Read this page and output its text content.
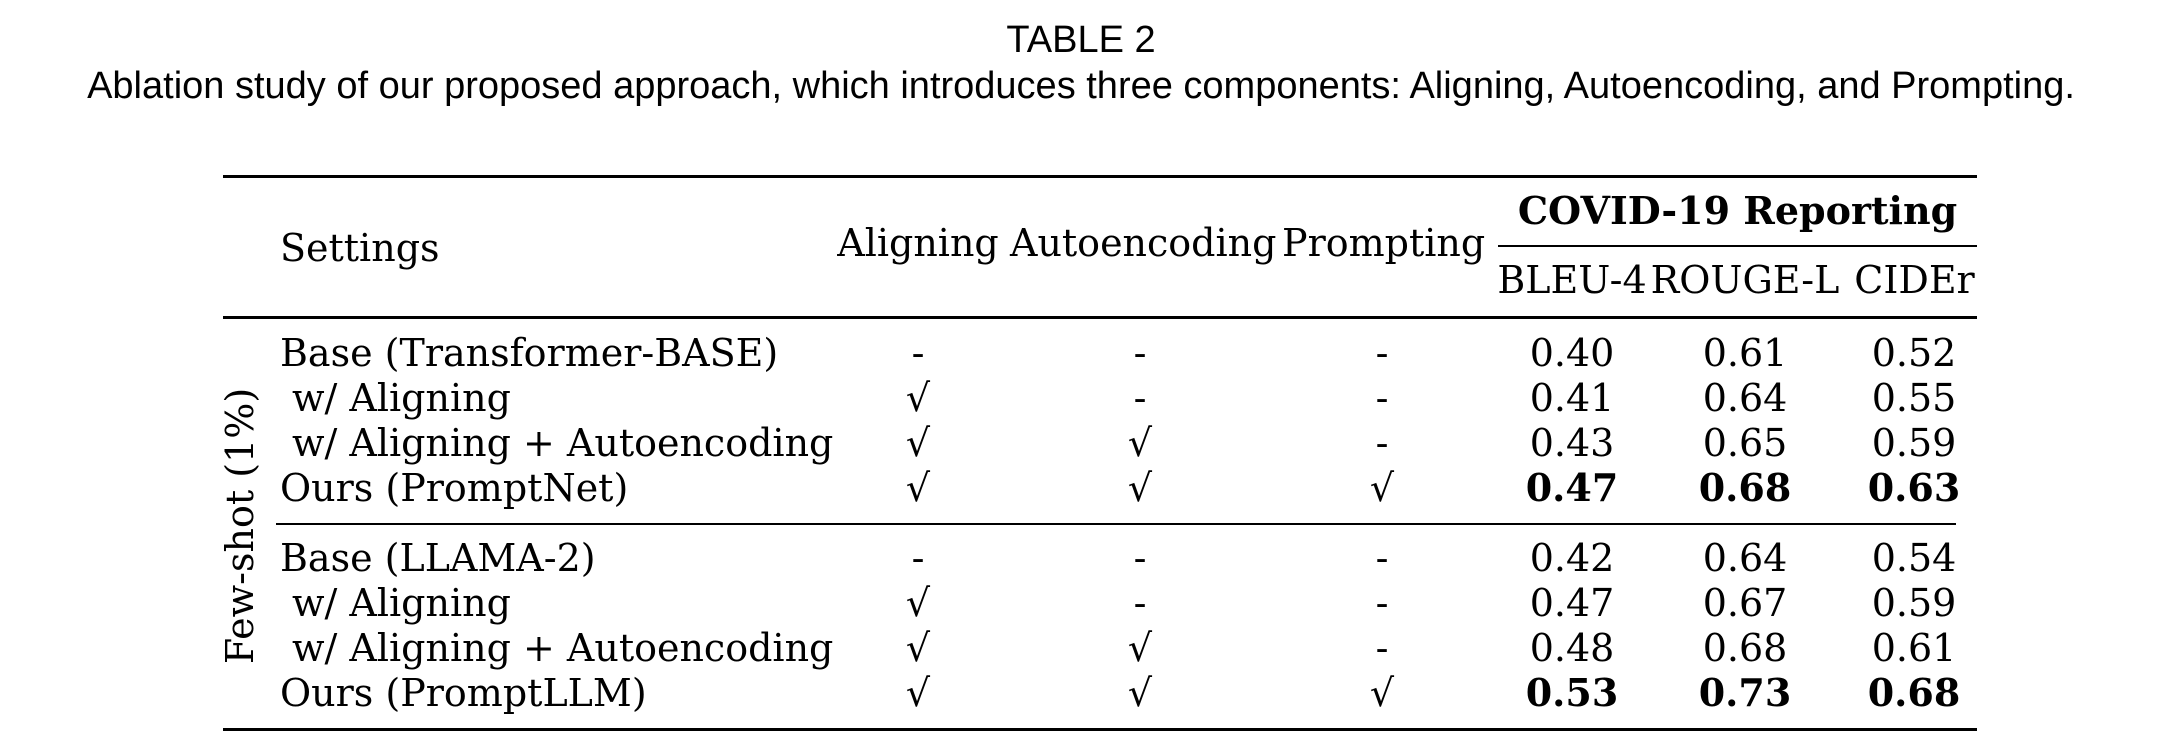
TABLE 2
Ablation study of our proposed approach, which introduces three components: Aligning, Autoencoding, and Prompting.
Settings	Aligning Autoencoding Prompting
COVID-19 Reporting
BLEU-4 ROUGE-L CIDEr
Few-shot (1%)
Base (Transformer-BASE)	-	-	-	0.40	0.61	0.52
w/ Aligning	√	-	-	0.41	0.64	0.55
w/ Aligning + Autoencoding	√	√	-	0.43	0.65	0.59
Ours (PromptNet)	√	√	√	0.47	0.68	0.63
Base (LLAMA-2)	-	-	-	0.42	0.64	0.54
w/ Aligning	√	-	-	0.47	0.67	0.59
w/ Aligning + Autoencoding	√	√	-	0.48	0.68	0.61
Ours (PromptLLM)	√	√	√	0.53	0.73	0.68
